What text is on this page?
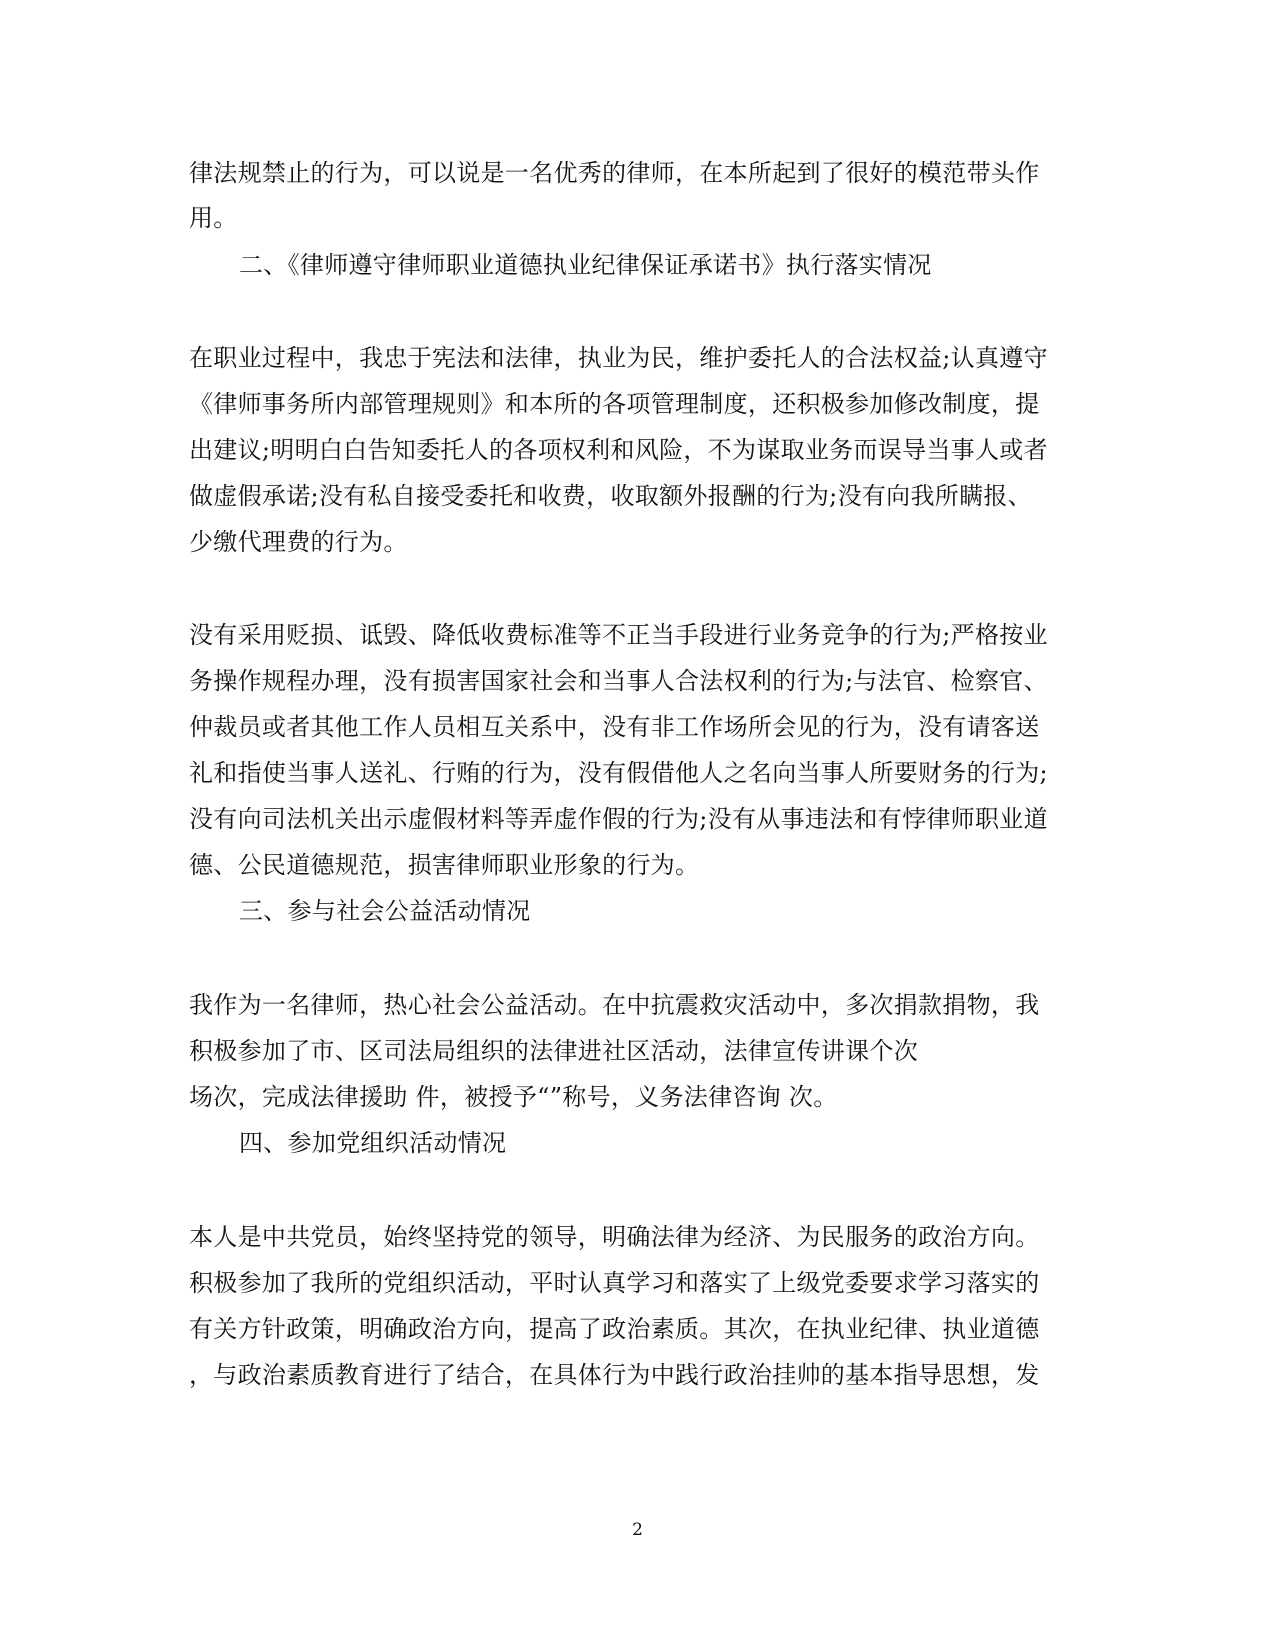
律法规禁止的行为，可以说是一名优秀的律师，在本所起到了很好的模范带头作
用。
二、《律师遵守律师职业道德执业纪律保证承诺书》执行落实情况
在职业过程中，我忠于宪法和法律，执业为民，维护委托人的合法权益;认真遵守
《律师事务所内部管理规则》和本所的各项管理制度，还积极参加修改制度，提
出建议;明明白白告知委托人的各项权利和风险，不为谋取业务而误导当事人或者
做虚假承诺;没有私自接受委托和收费，收取额外报酬的行为;没有向我所瞒报、
少缴代理费的行为。
没有采用贬损、诋毁、降低收费标准等不正当手段进行业务竞争的行为;严格按业
务操作规程办理，没有损害国家社会和当事人合法权利的行为;与法官、检察官、
仲裁员或者其他工作人员相互关系中，没有非工作场所会见的行为，没有请客送
礼和指使当事人送礼、行贿的行为，没有假借他人之名向当事人所要财务的行为;
没有向司法机关出示虚假材料等弄虚作假的行为;没有从事违法和有悖律师职业道
德、公民道德规范，损害律师职业形象的行为。
三、参与社会公益活动情况
我作为一名律师，热心社会公益活动。在中抗震救灾活动中，多次捐款捐物，我
积极参加了市、区司法局组织的法律进社区活动，法律宣传讲课个次
场次，完成法律援助 件，被授予“”称号，义务法律咨询 次。
四、参加党组织活动情况
本人是中共党员，始终坚持党的领导，明确法律为经济、为民服务的政治方向。
积极参加了我所的党组织活动，平时认真学习和落实了上级党委要求学习落实的
有关方针政策，明确政治方向，提高了政治素质。其次，在执业纪律、执业道德
，与政治素质教育进行了结合，在具体行为中践行政治挂帅的基本指导思想，发
2
